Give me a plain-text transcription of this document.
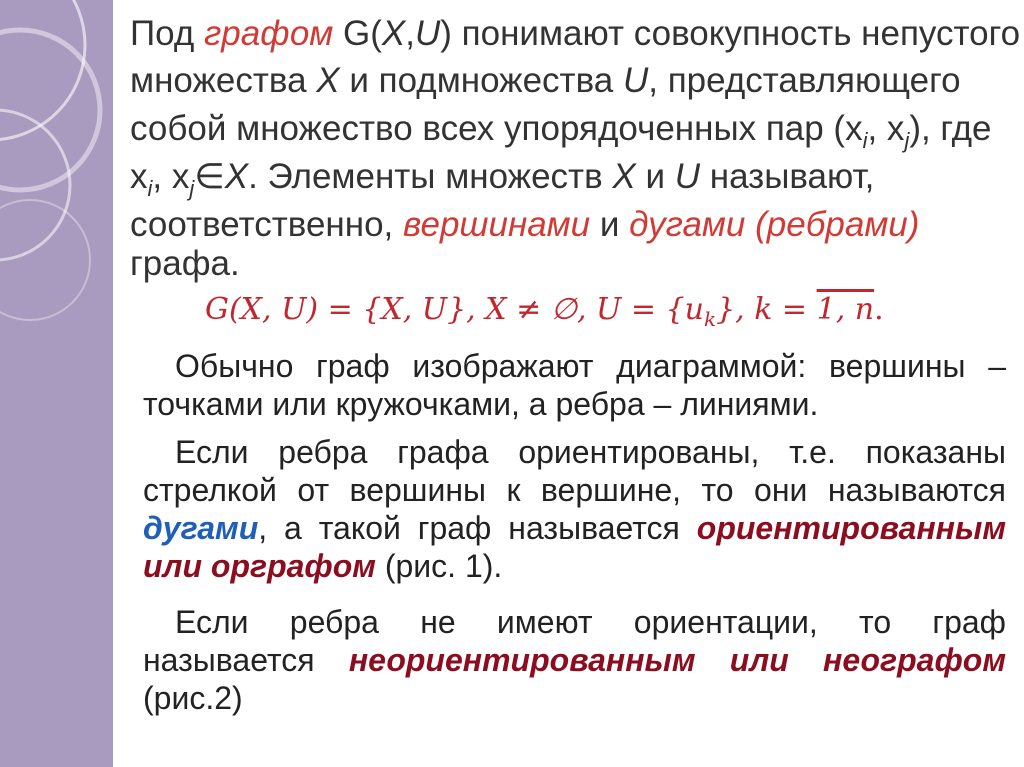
Под графом G(X,U) понимают совокупность непустого
множества X и подмножества U, представляющего
собой множество всех упорядоченных пар ($x_i$, $x_j$), где
$x_i$, $x_j\in X$. Элементы множеств X и U называют,
соответственно, вершинами и дугами (ребрами)
графа.
G(X, U) = {X, U}, X ≠ ∅, $U = \{u_k\}$, k = 1, n.
Обычно граф изображают диаграммой: вершины –
точками или кружочками, а ребра – линиями.
Если ребра графа ориентированы, т.е. показаны
стрелкой от вершины к вершине, то они называются
дугами, а такой граф называется ориентированным
или орграфом (рис. 1).
Если ребра не имеют ориентации, то граф
называется неориентированным или неографом
(рис.2)
